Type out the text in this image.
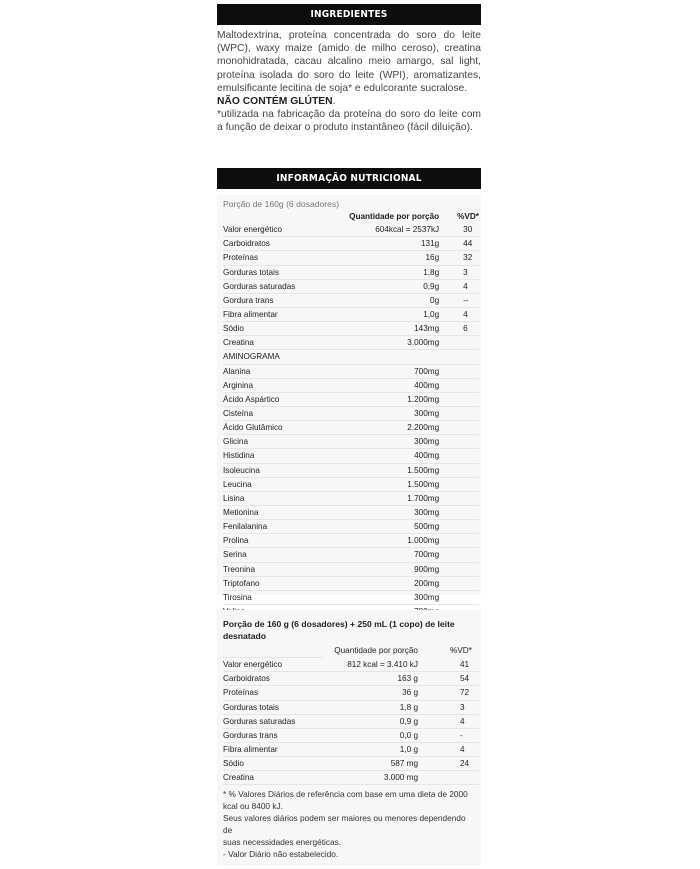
INGREDIENTES

Maltodextrina, proteína concentrada do soro do leite (WPC), waxy maize (amido de milho ceroso), creatina monohidratada, cacau alcalino meio amargo, sal light, proteína isolada do soro do leite (WPI), aromatizantes, emulsificante lecitina de soja* e edulcorante sucralose.

NÃO CONTÉM GLÚTEN.

*utilizada na fabricação da proteína do soro do leite com a função de deixar o produto instantâneo (fácil diluição).

INFORMAÇÃO NUTRICIONAL
Porção de 160g (6 dosadores)
	Quantidade por porção	%VD*
Valor energético	604kcal = 2537kJ	30
Carboidratos	131g	44
Proteínas	16g	32
Gorduras totais	1,8g	3
Gorduras saturadas	0,9g	4
Gordura trans	0g	--
Fibra alimentar	1,0g	4
Sódio	143mg	6
Creatina	3.000mg	
AMINOGRAMA		
Alanina	700mg	
Arginina	400mg	
Ácido Aspártico	1.200mg	
Cisteína	300mg	
Ácido Glutâmico	2.200mg	
Glicina	300mg	
Histidina	400mg	
Isoleucina	1.500mg	
Leucina	1.500mg	
Lisina	1.700mg	
Metionina	300mg	
Fenilalanina	500mg	
Prolina	1.000mg	
Serina	700mg	
Treonina	900mg	
Triptofano	200mg	
Tirosina	300mg	

Porção de 160 g (6 dosadores) + 250 mL (1 copo) de leite desnatado
	Quantidade por porção	%VD*
Valor energético	812 kcal = 3.410 kJ	41
Carboidratos	163 g	54
Proteínas	36 g	72
Gorduras totais	1,8 g	3
Gorduras saturadas	0,9 g	4
Gorduras trans	0,0 g	-
Fibra alimentar	1,0 g	4
Sódio	587 mg	24
Creatina	3.000 mg	

* % Valores Diários de referência com base em uma dieta de 2000 kcal ou 8400 kJ.

Seus valores diários podem ser maiores ou menores dependendo de

suas necessidades energéticas.

- Valor Diário não estabelecido.
